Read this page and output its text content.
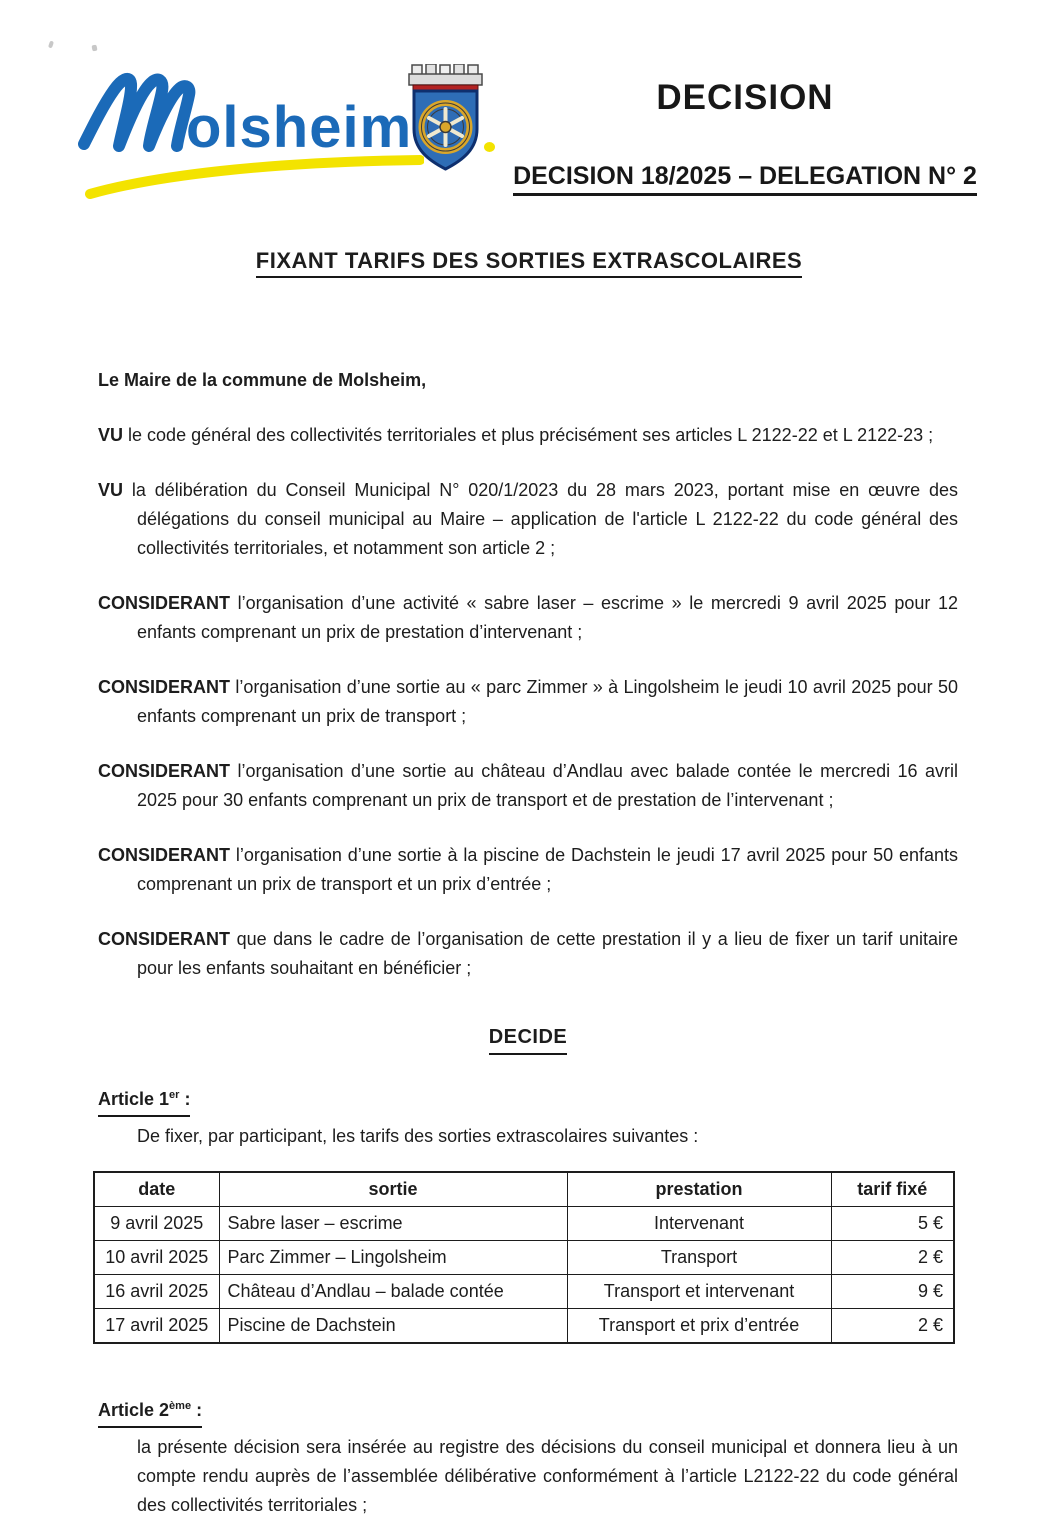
olsheim	DECISION
DECISION 18/2025 – DELEGATION N° 2
FIXANT TARIFS DES SORTIES EXTRASCOLAIRES
Le Maire de la commune de Molsheim,

VU le code général des collectivités territoriales et plus précisément ses articles L 2122-22 et L 2122-23 ;

VU la délibération du Conseil Municipal N° 020/1/2023 du 28 mars 2023, portant mise en œuvre des délégations du conseil municipal au Maire – application de l'article L 2122-22 du code général des collectivités territoriales, et notamment son article 2 ;

CONSIDERANT l’organisation d’une activité « sabre laser – escrime » le mercredi 9 avril 2025 pour 12 enfants comprenant un prix de prestation d’intervenant ;

CONSIDERANT l’organisation d’une sortie au « parc Zimmer » à Lingolsheim le jeudi 10 avril 2025 pour 50 enfants comprenant un prix de transport ;

CONSIDERANT l’organisation d’une sortie au château d’Andlau avec balade contée le mercredi 16 avril 2025 pour 30 enfants comprenant un prix de transport et de prestation de l’intervenant ;

CONSIDERANT l’organisation d’une sortie à la piscine de Dachstein le jeudi 17 avril 2025 pour 50 enfants comprenant un prix de transport et un prix d’entrée ;

CONSIDERANT que dans le cadre de l’organisation de cette prestation il y a lieu de fixer un tarif unitaire pour les enfants souhaitant en bénéficier ;

DECIDE
Article 1er :

De fixer, par participant, les tarifs des sorties extrascolaires suivantes :

date	sortie	prestation	tarif fixé
9 avril 2025	Sabre laser – escrime	Intervenant	5 €
10 avril 2025	Parc Zimmer – Lingolsheim	Transport	2 €
16 avril 2025	Château d’Andlau – balade contée	Transport et intervenant	9 €
17 avril 2025	Piscine de Dachstein	Transport et prix d’entrée	2 €
Article 2ème :

la présente décision sera insérée au registre des décisions du conseil municipal et donnera lieu à un compte rendu auprès de l’assemblée délibérative conformément à l’article L2122-22 du code général des collectivités territoriales ;
